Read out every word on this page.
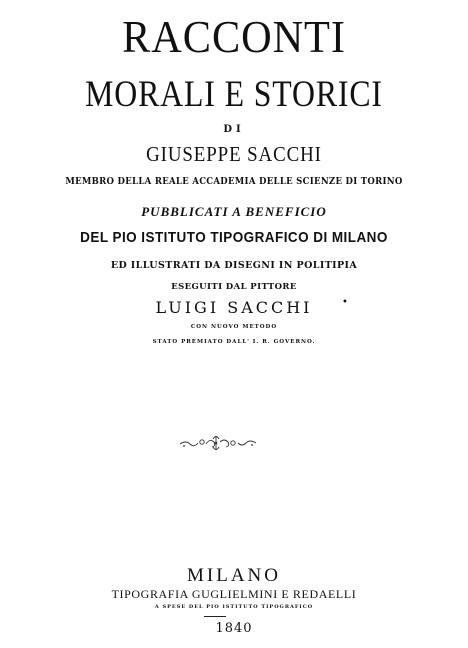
RACCONTI
MORALI E STORICI
DI
GIUSEPPE SACCHI
MEMBRO DELLA REALE ACCADEMIA DELLE SCIENZE DI TORINO
PUBBLICATI A BENEFICIO
DEL PIO ISTITUTO TIPOGRAFICO DI MILANO
ED ILLUSTRATI DA DISEGNI IN POLITIPIA
ESEGUITI DAL PITTORE
LUIGI SACCHI	•
CON NUOVO METODO
STATO PREMIATO DALL' I. R. GOVERNO.
MILANO
TIPOGRAFIA GUGLIELMINI E REDAELLI
A SPESE DEL PIO ISTITUTO TIPOGRAFICO
1840
